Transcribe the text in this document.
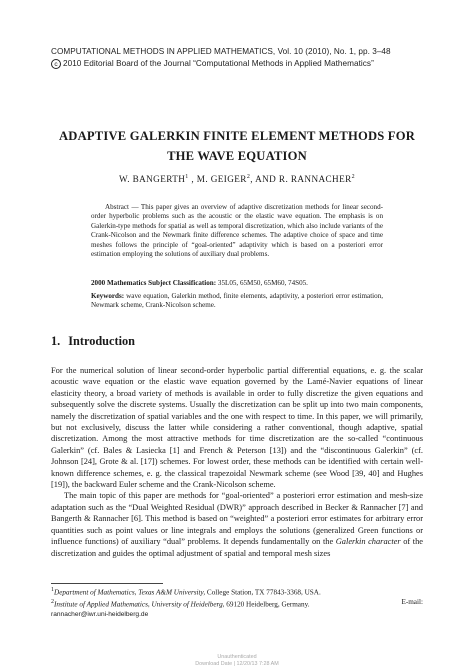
COMPUTATIONAL METHODS IN APPLIED MATHEMATICS, Vol. 10 (2010), No. 1, pp. 3–48
c 2010 Editorial Board of the Journal “Computational Methods in Applied Mathematics”
ADAPTIVE GALERKIN FINITE ELEMENT METHODS FOR
THE WAVE EQUATION
W. BANGERTH$^1$ , M. GEIGER$^2$, AND R. RANNACHER$^2$

Abstract — This paper gives an overview of adaptive discretization methods for linear second-order hyperbolic problems such as the acoustic or the elastic wave equation. The emphasis is on Galerkin-type methods for spatial as well as temporal discretization, which also include variants of the Crank-Nicolson and the Newmark finite difference schemes. The adaptive choice of space and time meshes follows the principle of “goal-oriented” adaptivity which is based on a posteriori error estimation employing the solutions of auxiliary dual problems.

2000 Mathematics Subject Classification: 35L05, 65M50, 65M60, 74S05.

Keywords: wave equation, Galerkin method, finite elements, adaptivity, a posteriori error estimation, Newmark scheme, Crank-Nicolson scheme.

1. Introduction

For the numerical solution of linear second-order hyperbolic partial differential equations, e. g. the scalar acoustic wave equation or the elastic wave equation governed by the Lamé-Navier equations of linear elasticity theory, a broad variety of methods is available in order to fully discretize the given equations and subsequently solve the discrete systems. Usually the discretization can be split up into two main components, namely the discretization of spatial variables and the one with respect to time. In this paper, we will primarily, but not exclusively, discuss the latter while considering a rather conventional, though adaptive, spatial discretization. Among the most attractive methods for time discretization are the so-called “continuous Galerkin” (cf. Bales & Lasiecka [1] and French & Peterson [13]) and the “discontinuous Galerkin” (cf. Johnson [24], Grote & al. [17]) schemes. For lowest order, these methods can be identified with certain well-known difference schemes, e. g. the classical trapezoidal Newmark scheme (see Wood [39, 40] and Hughes [19]), the backward Euler scheme and the Crank-Nicolson scheme.

The main topic of this paper are methods for “goal-oriented” a posteriori error estimation and mesh-size adaptation such as the “Dual Weighted Residual (DWR)” approach described in Becker & Rannacher [7] and Bangerth & Rannacher [6]. This method is based on “weighted” a posteriori error estimates for arbitrary error quantities such as point values or line integrals and employs the solutions (generalized Green functions or influence functions) of auxiliary “dual” problems. It depends fundamentally on the Galerkin character of the discretization and guides the optimal adjustment of spatial and temporal mesh sizes

$^1$Department of Mathematics, Texas A&M University, College Station, TX 77843-3368, USA.

$^2$Institute of Applied Mathematics, University of Heidelberg, 69120 Heidelberg, Germany.	E-mail:

rannacher@iwr.uni-heidelberg.de

Unauthenticated
Download Date | 12/20/13 7:28 AM
